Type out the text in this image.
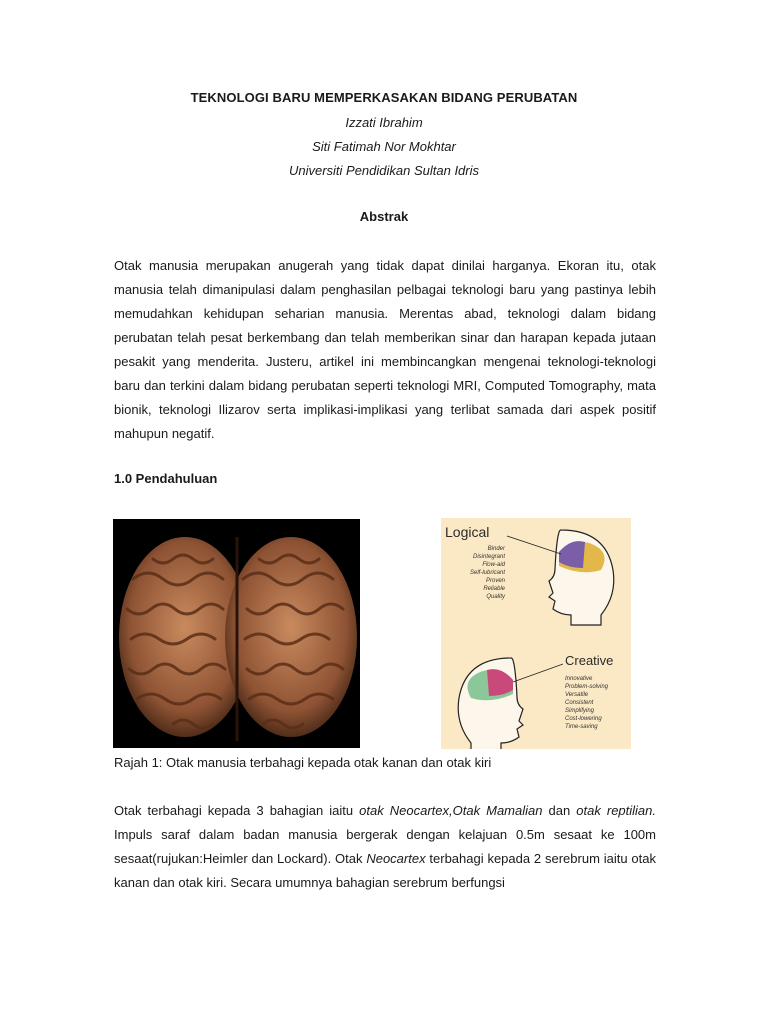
TEKNOLOGI BARU MEMPERKASAKAN BIDANG PERUBATAN
Izzati Ibrahim
Siti Fatimah Nor Mokhtar
Universiti Pendidikan Sultan Idris
Abstrak
Otak manusia merupakan anugerah yang tidak dapat dinilai harganya. Ekoran itu, otak manusia telah dimanipulasi dalam penghasilan pelbagai teknologi baru yang pastinya lebih memudahkan kehidupan seharian manusia. Merentas abad, teknologi dalam bidang perubatan telah pesat berkembang dan telah memberikan sinar dan harapan kepada jutaan pesakit yang menderita. Justeru, artikel ini membincangkan mengenai teknologi-teknologi baru dan terkini dalam bidang perubatan seperti teknologi MRI, Computed Tomography, mata bionik, teknologi Ilizarov serta implikasi-implikasi yang terlibat samada dari aspek positif mahupun negatif.
1.0 Pendahuluan
Logical
Binder
Disintegrant
Flow-aid
Self-lubricant
Proven
Reliable
Quality
Creative
Innovative
Problem-solving
Versatile
Consistent
Simplifying
Cost-lowering
Time-saving
Rajah 1: Otak manusia terbahagi kepada otak kanan dan otak kiri
Otak terbahagi kepada 3 bahagian iaitu otak Neocartex,Otak Mamalian dan otak reptilian. Impuls saraf dalam badan manusia bergerak dengan kelajuan 0.5m sesaat ke 100m sesaat(rujukan:Heimler dan Lockard). Otak Neocartex terbahagi kepada 2 serebrum iaitu otak kanan dan otak kiri. Secara umumnya bahagian serebrum berfungsi
